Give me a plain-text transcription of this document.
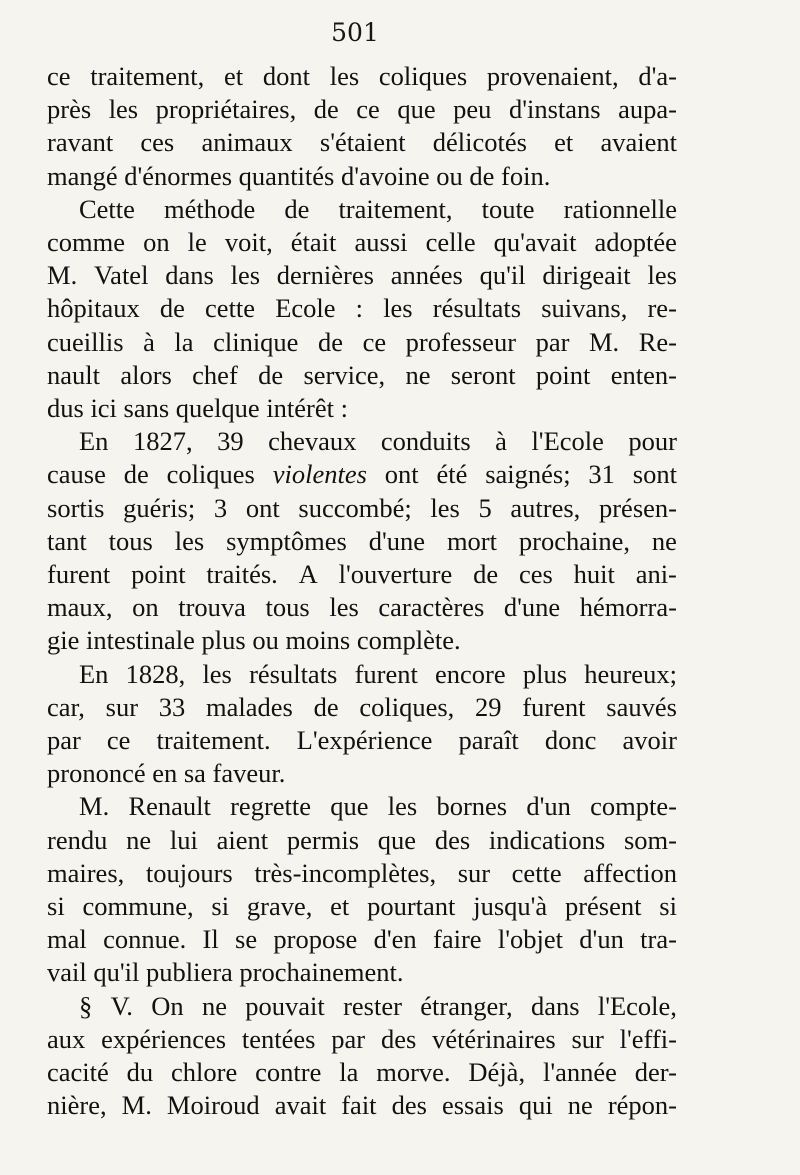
501
ce traitement, et dont les coliques provenaient, d'a-
près les propriétaires, de ce que peu d'instans aupa-
ravant ces animaux s'étaient délicotés et avaient
mangé d'énormes quantités d'avoine ou de foin.
Cette méthode de traitement, toute rationnelle
comme on le voit, était aussi celle qu'avait adoptée
M. Vatel dans les dernières années qu'il dirigeait les
hôpitaux de cette Ecole : les résultats suivans, re-
cueillis à la clinique de ce professeur par M. Re-
nault alors chef de service, ne seront point enten-
dus ici sans quelque intérêt :
En 1827, 39 chevaux conduits à l'Ecole pour
cause de coliques violentes ont été saignés; 31 sont
sortis guéris; 3 ont succombé; les 5 autres, présen-
tant tous les symptômes d'une mort prochaine, ne
furent point traités. A l'ouverture de ces huit ani-
maux, on trouva tous les caractères d'une hémorra-
gie intestinale plus ou moins complète.
En 1828, les résultats furent encore plus heureux;
car, sur 33 malades de coliques, 29 furent sauvés
par ce traitement. L'expérience paraît donc avoir
prononcé en sa faveur.
M. Renault regrette que les bornes d'un compte-
rendu ne lui aient permis que des indications som-
maires, toujours très-incomplètes, sur cette affection
si commune, si grave, et pourtant jusqu'à présent si
mal connue. Il se propose d'en faire l'objet d'un tra-
vail qu'il publiera prochainement.
§ V. On ne pouvait rester étranger, dans l'Ecole,
aux expériences tentées par des vétérinaires sur l'effi-
cacité du chlore contre la morve. Déjà, l'année der-
nière, M. Moiroud avait fait des essais qui ne répon-
